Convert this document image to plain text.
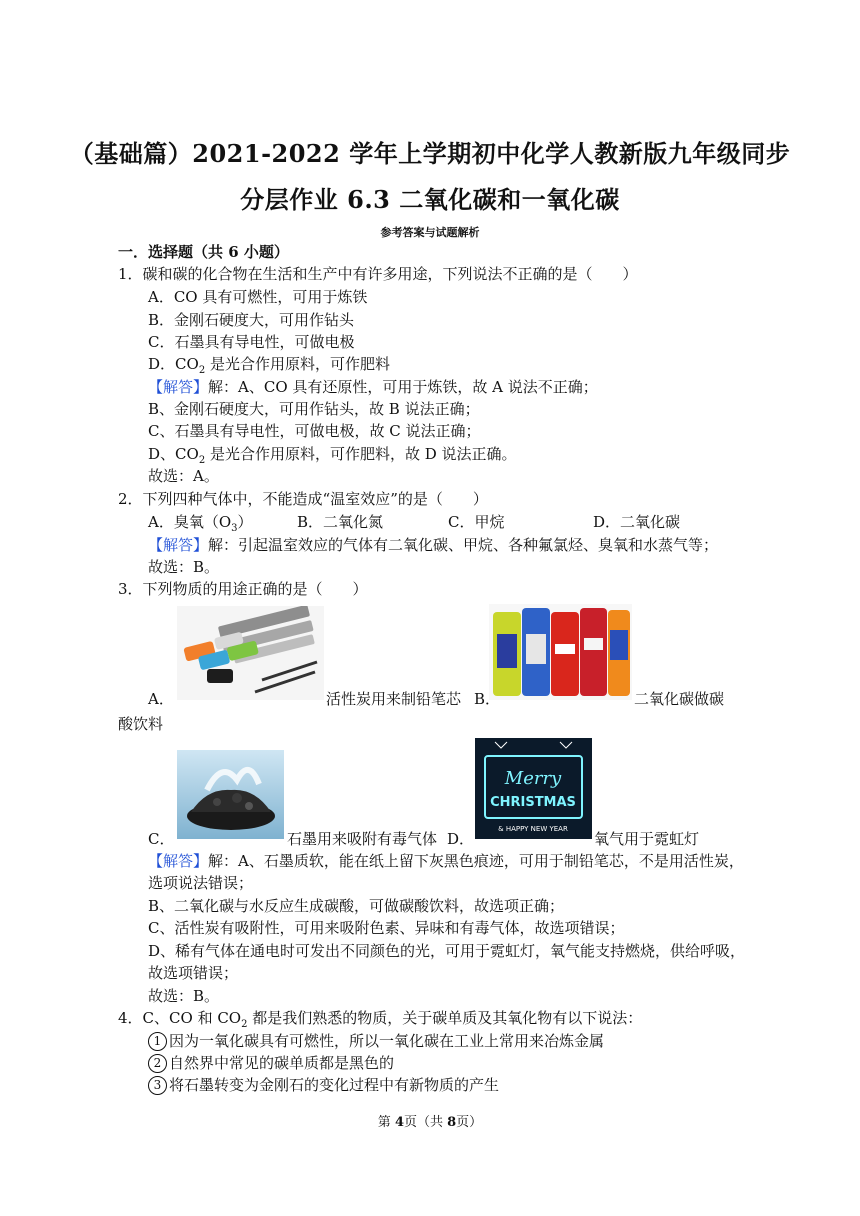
（基础篇）2021-2022 学年上学期初中化学人教新版九年级同步
分层作业 6.3 二氧化碳和一氧化碳
参考答案与试题解析
一．选择题（共 6 小题）
1．碳和碳的化合物在生活和生产中有许多用途，下列说法不正确的是（　　）
A．CO 具有可燃性，可用于炼铁
B．金刚石硬度大，可用作钻头
C．石墨具有导电性，可做电极
D．$CO_2$ 是光合作用原料，可作肥料
【解答】解：A、CO 具有还原性，可用于炼铁，故 A 说法不正确；
B、金刚石硬度大，可用作钻头，故 B 说法正确；
C、石墨具有导电性，可做电极，故 C 说法正确；
D、$CO_2$ 是光合作用原料，可作肥料，故 D 说法正确。
故选：A。
2．下列四种气体中，不能造成“温室效应”的是（　　）
A．臭氧$(O_3)$	B．二氧化氮	C．甲烷	D．二氧化碳
【解答】解：引起温室效应的气体有二氧化碳、甲烷、各种氟氯烃、臭氧和水蒸气等；
故选：B。
3．下列物质的用途正确的是（　　）
A．	活性炭用来制铅笔芯 B．	二氧化碳做碳
酸饮料
C．	石墨用来吸附有毒气体
Merry
CHRISTMAS
& HAPPY NEW YEAR
D．	氧气用于霓虹灯
【解答】解：A、石墨质软，能在纸上留下灰黑色痕迹，可用于制铅笔芯，不是用活性炭，
选项说法错误；
B、二氧化碳与水反应生成碳酸，可做碳酸饮料，故选项正确；
C、活性炭有吸附性，可用来吸附色素、异味和有毒气体，故选项错误；
D、稀有气体在通电时可发出不同颜色的光，可用于霓虹灯，氧气能支持燃烧，供给呼吸，
故选项错误；
故选：B。
4．C、CO 和 $CO_2$ 都是我们熟悉的物质，关于碳单质及其氧化物有以下说法：
1 因为一氧化碳具有可燃性，所以一氧化碳在工业上常用来冶炼金属
2 自然界中常见的碳单质都是黑色的
3 将石墨转变为金刚石的变化过程中有新物质的产生
第 4页（共 8页）
